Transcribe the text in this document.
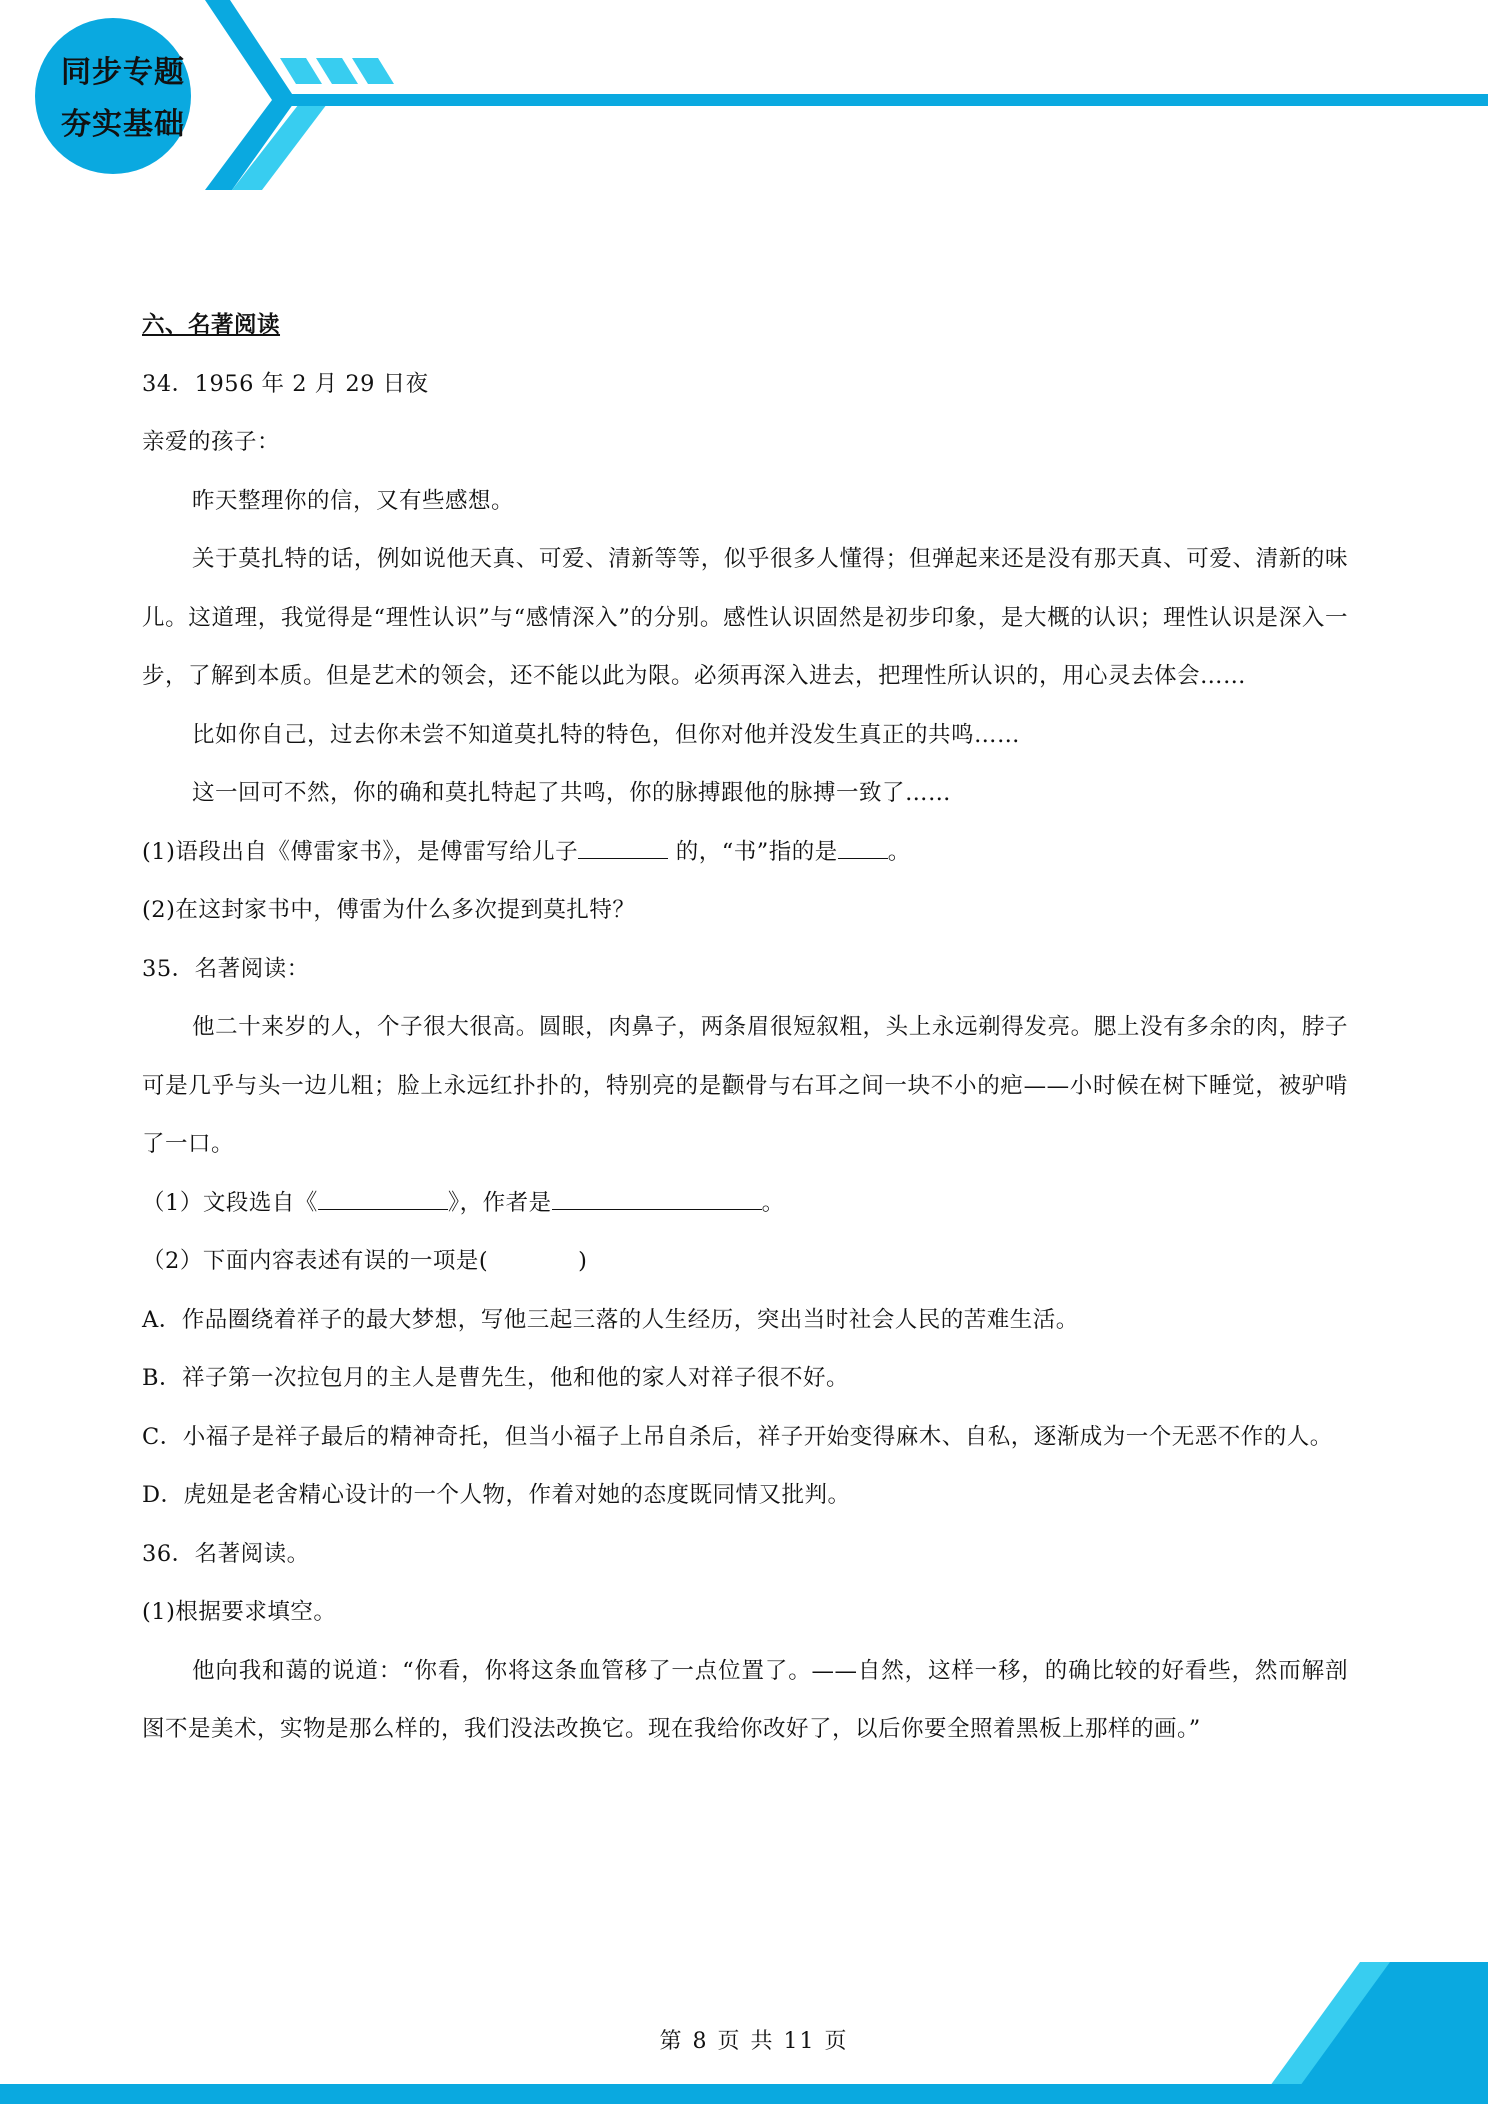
同步专题
夯实基础

六、名著阅读

34．1956 年 2 月 29 日夜

亲爱的孩子：

昨天整理你的信，又有些感想。

关于莫扎特的话，例如说他天真、可爱、清新等等，似乎很多人懂得；但弹起来还是没有那天真、可爱、清新的味儿。这道理，我觉得是“理性认识”与“感情深入”的分别。感性认识固然是初步印象，是大概的认识；理性认识是深入一步，了解到本质。但是艺术的领会，还不能以此为限。必须再深入进去，把理性所认识的，用心灵去体会……

比如你自己，过去你未尝不知道莫扎特的特色，但你对他并没发生真正的共鸣……

这一回可不然，你的确和莫扎特起了共鸣，你的脉搏跟他的脉搏一致了……

(1)语段出自《傅雷家书》，是傅雷写给儿子	的，“书”指的是 。

(2)在这封家书中，傅雷为什么多次提到莫扎特？

35．名著阅读：

他二十来岁的人，个子很大很高。圆眼，肉鼻子，两条眉很短叙粗，头上永远剃得发亮。腮上没有多余的肉，脖子可是几乎与头一边儿粗；脸上永远红扑扑的，特别亮的是颧骨与右耳之间一块不小的疤——小时候在树下睡觉，被驴啃了一口。

（1）文段选自《	》，作者是	。

（2）下面内容表述有误的一项是(	)

A．作品圈绕着祥子的最大梦想，写他三起三落的人生经历，突出当时社会人民的苦难生活。

B．祥子第一次拉包月的主人是曹先生，他和他的家人对祥子很不好。

C．小福子是祥子最后的精神奇托，但当小福子上吊自杀后，祥子开始变得麻木、自私，逐渐成为一个无恶不作的人。

D．虎妞是老舍精心设计的一个人物，作着对她的态度既同情又批判。

36．名著阅读。

(1)根据要求填空。

他向我和蔼的说道：“你看，你将这条血管移了一点位置了。——自然，这样一移，的确比较的好看些，然而解剖图不是美术，实物是那么样的，我们没法改换它。现在我给你改好了，以后你要全照着黑板上那样的画。”

第 8 页 共 11 页
